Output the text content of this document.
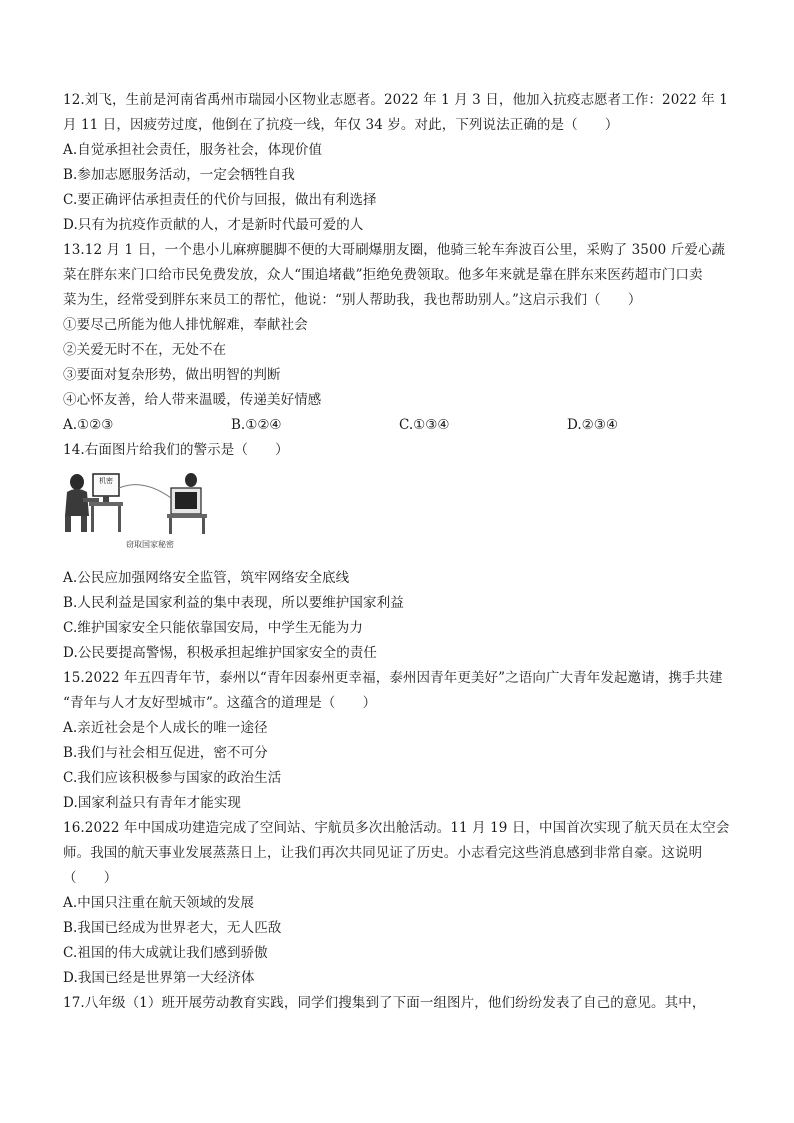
12.刘飞，生前是河南省禹州市瑞园小区物业志愿者。2022 年 1 月 3 日，他加入抗疫志愿者工作：2022 年 1
月 11 日，因疲劳过度，他倒在了抗疫一线，年仅 34 岁。对此，下列说法正确的是（　　）
A.自觉承担社会责任，服务社会，体现价值
B.参加志愿服务活动，一定会牺牲自我
C.要正确评估承担责任的代价与回报，做出有利选择
D.只有为抗疫作贡献的人，才是新时代最可爱的人
13.12 月 1 日，一个患小儿麻痹腿脚不便的大哥刷爆朋友圈，他骑三轮车奔波百公里，采购了 3500 斤爱心蔬
菜在胖东来门口给市民免费发放，众人“围追堵截”拒绝免费领取。他多年来就是靠在胖东来医药超市门口卖
菜为生，经常受到胖东来员工的帮忙，他说：“别人帮助我，我也帮助别人。”这启示我们（　　）
①要尽己所能为他人排忧解难，奉献社会
②关爱无时不在，无处不在
③要面对复杂形势，做出明智的判断
④心怀友善，给人带来温暖，传递美好情感
A.①②③	B.①②④	C.①③④	D.②③④
14.右面图片给我们的警示是（　　）
机密
窃取国家秘密
A.公民应加强网络安全监管，筑牢网络安全底线
B.人民利益是国家利益的集中表现，所以要维护国家利益
C.维护国家安全只能依靠国安局，中学生无能为力
D.公民要提高警惕，积极承担起维护国家安全的责任
15.2022 年五四青年节，泰州以“青年因泰州更幸福，泰州因青年更美好”之语向广大青年发起邀请，携手共建
“青年与人才友好型城市”。这蕴含的道理是（　　）
A.亲近社会是个人成长的唯一途径
B.我们与社会相互促进，密不可分
C.我们应该积极参与国家的政治生活
D.国家利益只有青年才能实现
16.2022 年中国成功建造完成了空间站、宇航员多次出舱活动。11 月 19 日，中国首次实现了航天员在太空会
师。我国的航天事业发展蒸蒸日上，让我们再次共同见证了历史。小志看完这些消息感到非常自豪。这说明
（　　）
A.中国只注重在航天领域的发展
B.我国已经成为世界老大，无人匹敌
C.祖国的伟大成就让我们感到骄傲
D.我国已经是世界第一大经济体
17.八年级（1）班开展劳动教育实践，同学们搜集到了下面一组图片，他们纷纷发表了自己的意见。其中，
